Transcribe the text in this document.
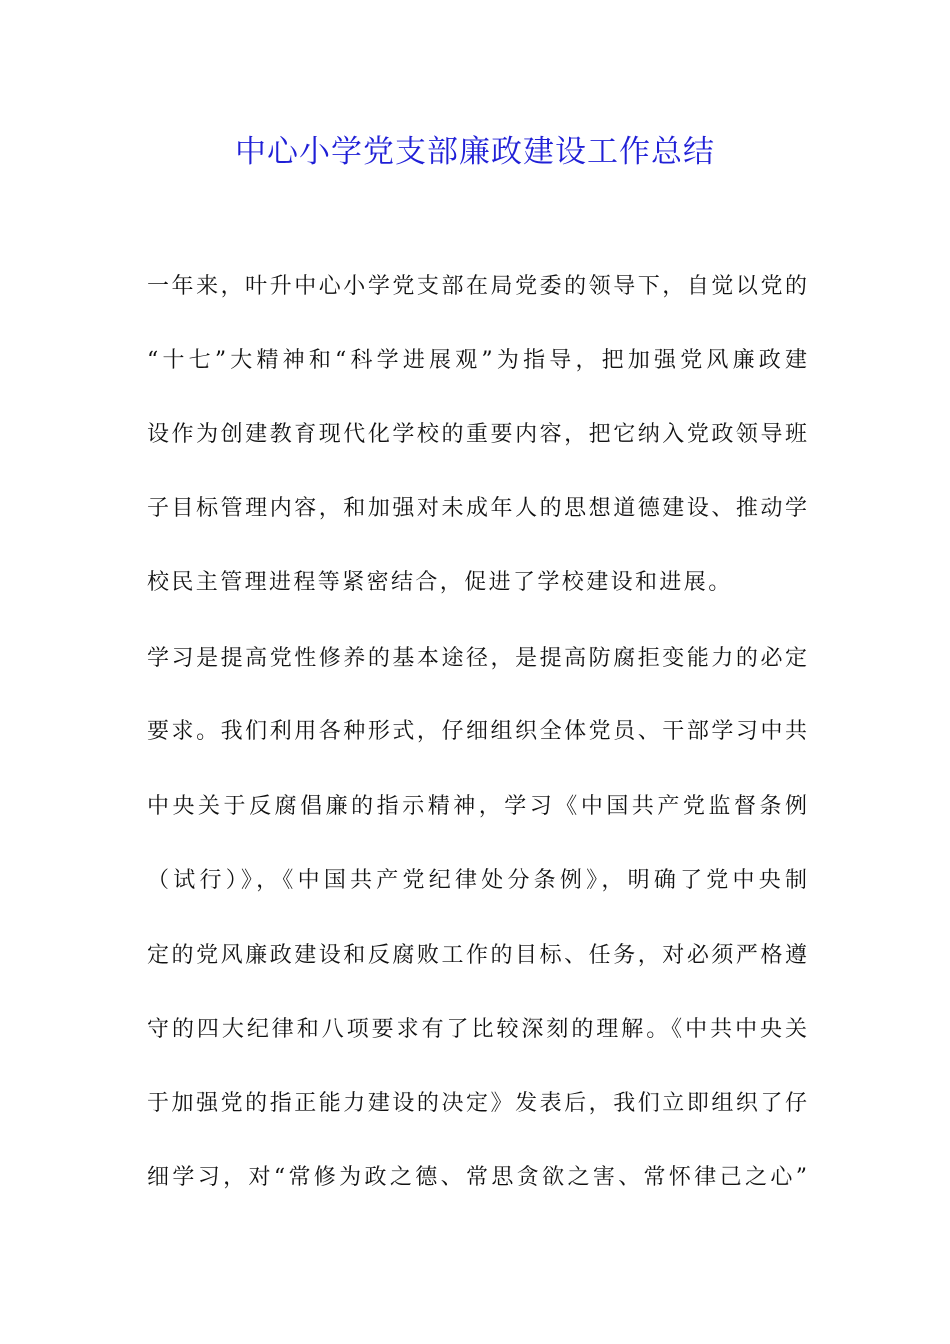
中心小学党支部廉政建设工作总结
一年来，叶升中心小学党支部在局党委的领导下，自觉以党的
“十七”大精神和“科学进展观”为指导，把加强党风廉政建
设作为创建教育现代化学校的重要内容，把它纳入党政领导班
子目标管理内容，和加强对未成年人的思想道德建设、推动学
校民主管理进程等紧密结合，促进了学校建设和进展。
学习是提高党性修养的基本途径，是提高防腐拒变能力的必定
要求。我们利用各种形式，仔细组织全体党员、干部学习中共
中央关于反腐倡廉的指示精神，学习《中国共产党监督条例
（试行）》，《中国共产党纪律处分条例》，明确了党中央制
定的党风廉政建设和反腐败工作的目标、任务，对必须严格遵
守的四大纪律和八项要求有了比较深刻的理解。《中共中央关
于加强党的指正能力建设的决定》发表后，我们立即组织了仔
细学习，对“常修为政之德、常思贪欲之害、常怀律己之心”
